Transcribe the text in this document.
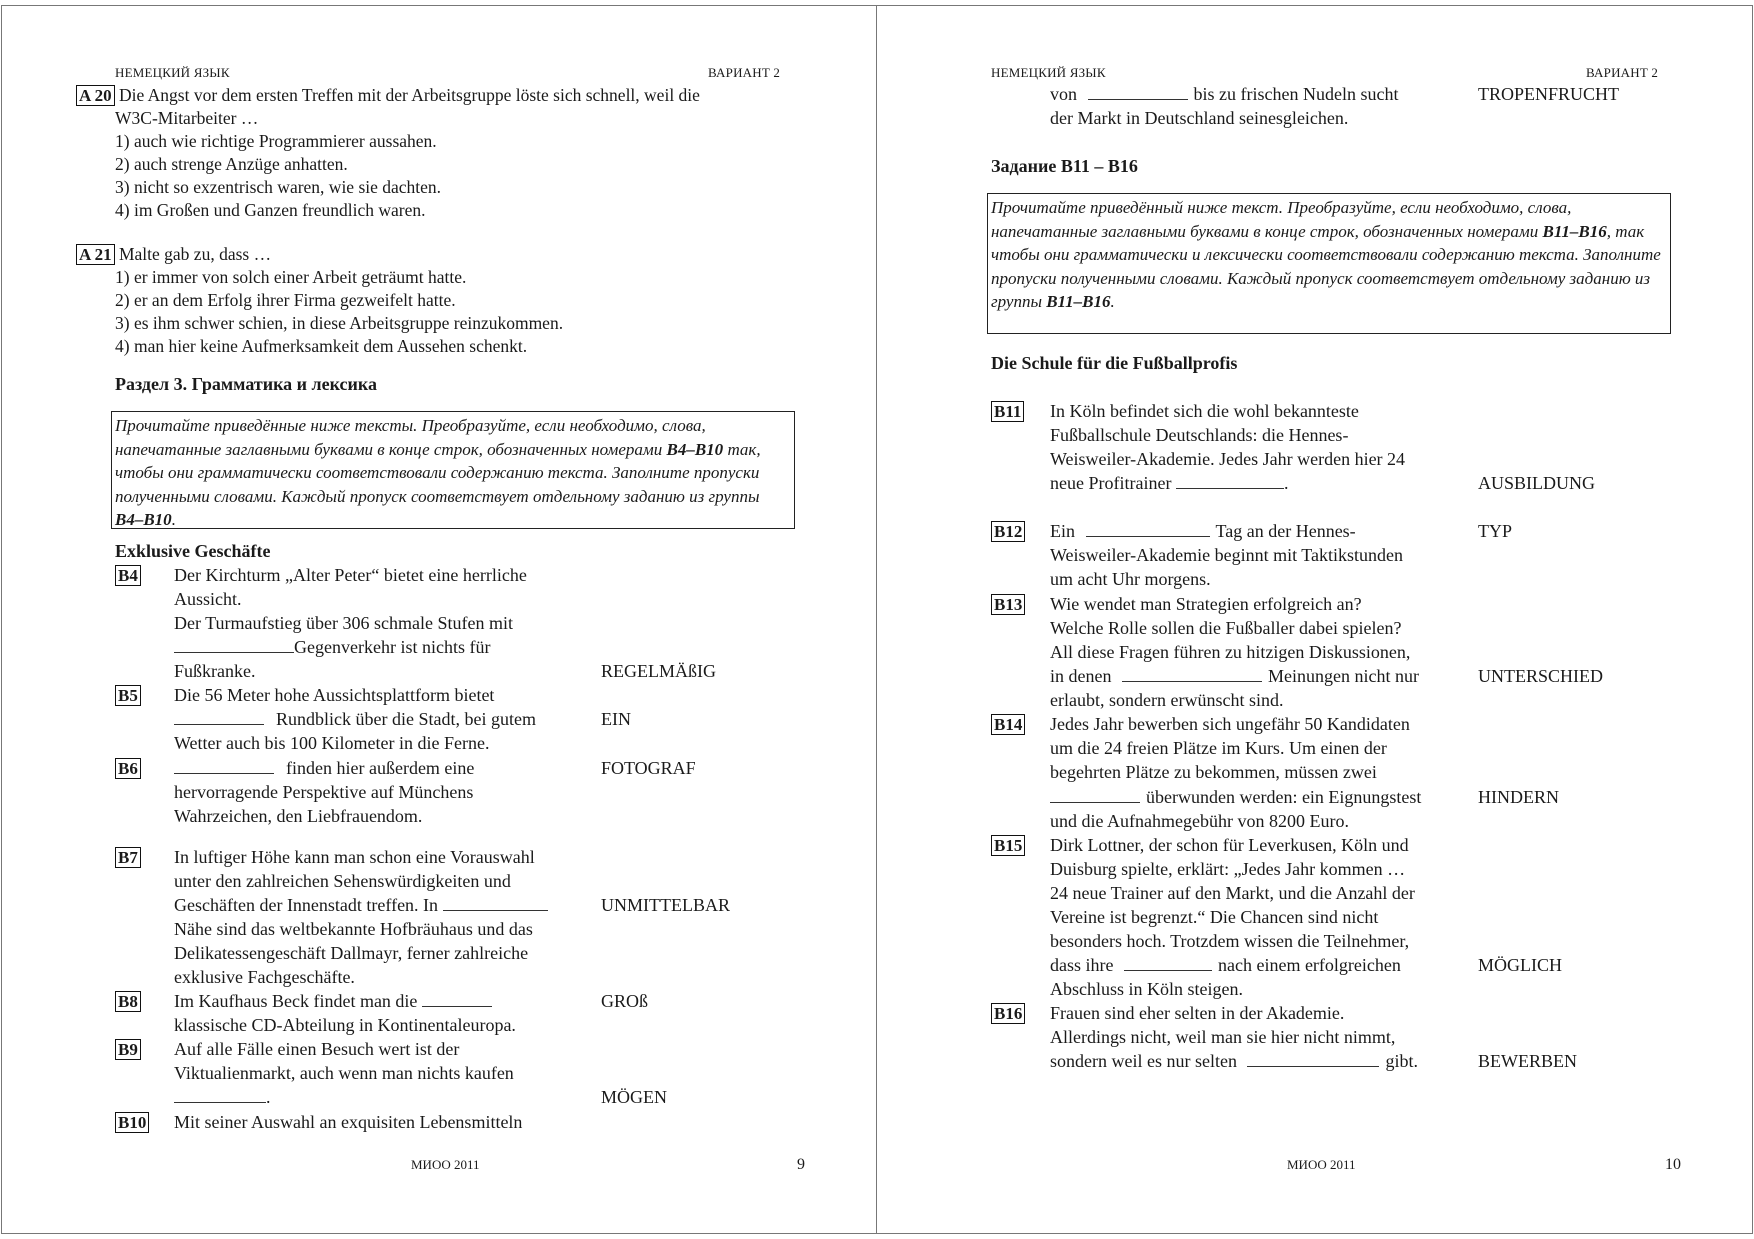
НЕМЕЦКИЙ ЯЗЫК	ВАРИАНТ 2
A 20 Die Angst vor dem ersten Treffen mit der Arbeitsgruppe löste sich schnell, weil die
W3C-Mitarbeiter …
1) auch wie richtige Programmierer aussahen.
2) auch strenge Anzüge anhatten.
3) nicht so exzentrisch waren, wie sie dachten.
4) im Großen und Ganzen freundlich waren.
A 21 Malte gab zu, dass …
1) er immer von solch einer Arbeit geträumt hatte.
2) er an dem Erfolg ihrer Firma gezweifelt hatte.
3) es ihm schwer schien, in diese Arbeitsgruppe reinzukommen.
4) man hier keine Aufmerksamkeit dem Aussehen schenkt.
Раздел 3. Грамматика и лексика
Прочитайте приведённые ниже тексты. Преобразуйте, если необходимо, слова, напечатанные заглавными буквами в конце строк, обозначенных номерами B4–B10 так, чтобы они грамматически соответствовали содержанию текста. Заполните пропуски полученными словами. Каждый пропуск соответствует отдельному заданию из группы B4–B10.
Exklusive Geschäfte
B4 Der Kirchturm „Alter Peter“ bietet eine herrliche
Aussicht.
Der Turmaufstieg über 306 schmale Stufen mit
Gegenverkehr ist nichts für
Fußkranke.	REGELMÄßIG
B5 Die 56 Meter hohe Aussichtsplattform bietet
Rundblick über die Stadt, bei gutem	EIN
Wetter auch bis 100 Kilometer in die Ferne.
B6	finden hier außerdem eine	FOTOGRAF
hervorragende Perspektive auf Münchens
Wahrzeichen, den Liebfrauendom.
B7 In luftiger Höhe kann man schon eine Vorauswahl
unter den zahlreichen Sehenswürdigkeiten und
Geschäften der Innenstadt treffen. In	UNMITTELBAR
Nähe sind das weltbekannte Hofbräuhaus und das
Delikatessengeschäft Dallmayr, ferner zahlreiche
exklusive Fachgeschäfte.
B8 Im Kaufhaus Beck findet man die	GROß
klassische CD-Abteilung in Kontinentaleuropa.
B9 Auf alle Fälle einen Besuch wert ist der
Viktualienmarkt, auch wenn man nichts kaufen
.	MÖGEN
B10 Mit seiner Auswahl an exquisiten Lebensmitteln
МИОО 2011	9
НЕМЕЦКИЙ ЯЗЫК	ВАРИАНТ 2
von	bis zu frischen Nudeln sucht	TROPENFRUCHT
der Markt in Deutschland seinesgleichen.
Задание B11 – B16
Прочитайте приведённый ниже текст. Преобразуйте, если необходимо, слова, напечатанные заглавными буквами в конце строк, обозначенных номерами B11–B16, так чтобы они грамматически и лексически соответствовали содержанию текста. Заполните пропуски полученными словами. Каждый пропуск соответствует отдельному заданию из группы B11–B16.
Die Schule für die Fußballprofis
B11 In Köln befindet sich die wohl bekannteste
Fußballschule Deutschlands: die Hennes-
Weisweiler-Akademie. Jedes Jahr werden hier 24
neue Profitrainer	.	AUSBILDUNG
B12 Ein	Tag an der Hennes-	TYP
Weisweiler-Akademie beginnt mit Taktikstunden
um acht Uhr morgens.
B13 Wie wendet man Strategien erfolgreich an?
Welche Rolle sollen die Fußballer dabei spielen?
All diese Fragen führen zu hitzigen Diskussionen,
in denen	Meinungen nicht nur	UNTERSCHIED
erlaubt, sondern erwünscht sind.
B14 Jedes Jahr bewerben sich ungefähr 50 Kandidaten
um die 24 freien Plätze im Kurs. Um einen der
begehrten Plätze zu bekommen, müssen zwei
überwunden werden: ein Eignungstest	HINDERN
und die Aufnahmegebühr von 8200 Euro.
B15 Dirk Lottner, der schon für Leverkusen, Köln und
Duisburg spielte, erklärt: „Jedes Jahr kommen …
24 neue Trainer auf den Markt, und die Anzahl der
Vereine ist begrenzt.“ Die Chancen sind nicht
besonders hoch. Trotzdem wissen die Teilnehmer,
dass ihre	nach einem erfolgreichen	MÖGLICH
Abschluss in Köln steigen.
B16 Frauen sind eher selten in der Akademie.
Allerdings nicht, weil man sie hier nicht nimmt,
sondern weil es nur selten	gibt.	BEWERBEN
МИОО 2011	10
